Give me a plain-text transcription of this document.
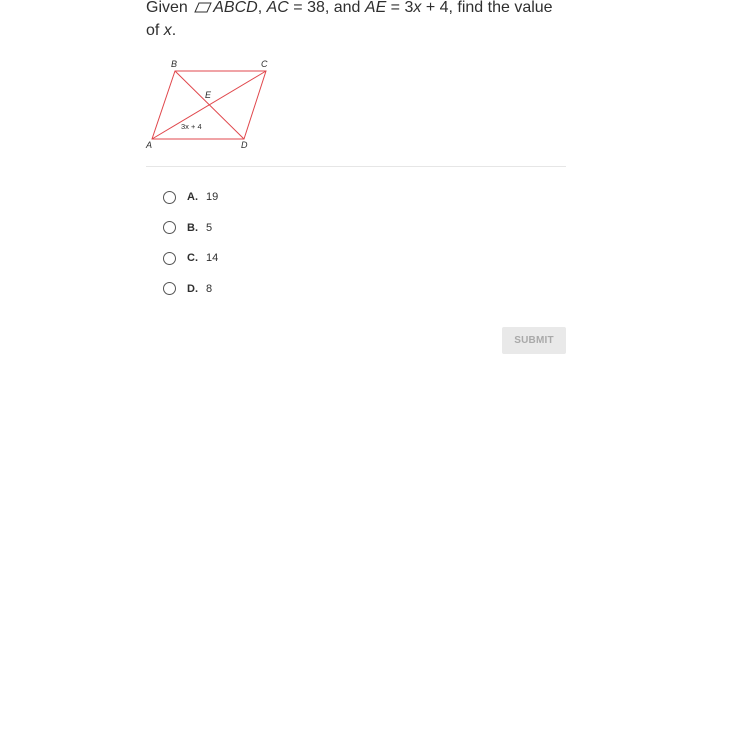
Given ABCD, AC = 38, and AE = 3x + 4, find the value of x.

B	C
A	D
E
3x + 4
A. 19
B. 5
C. 14
D. 8
SUBMIT
